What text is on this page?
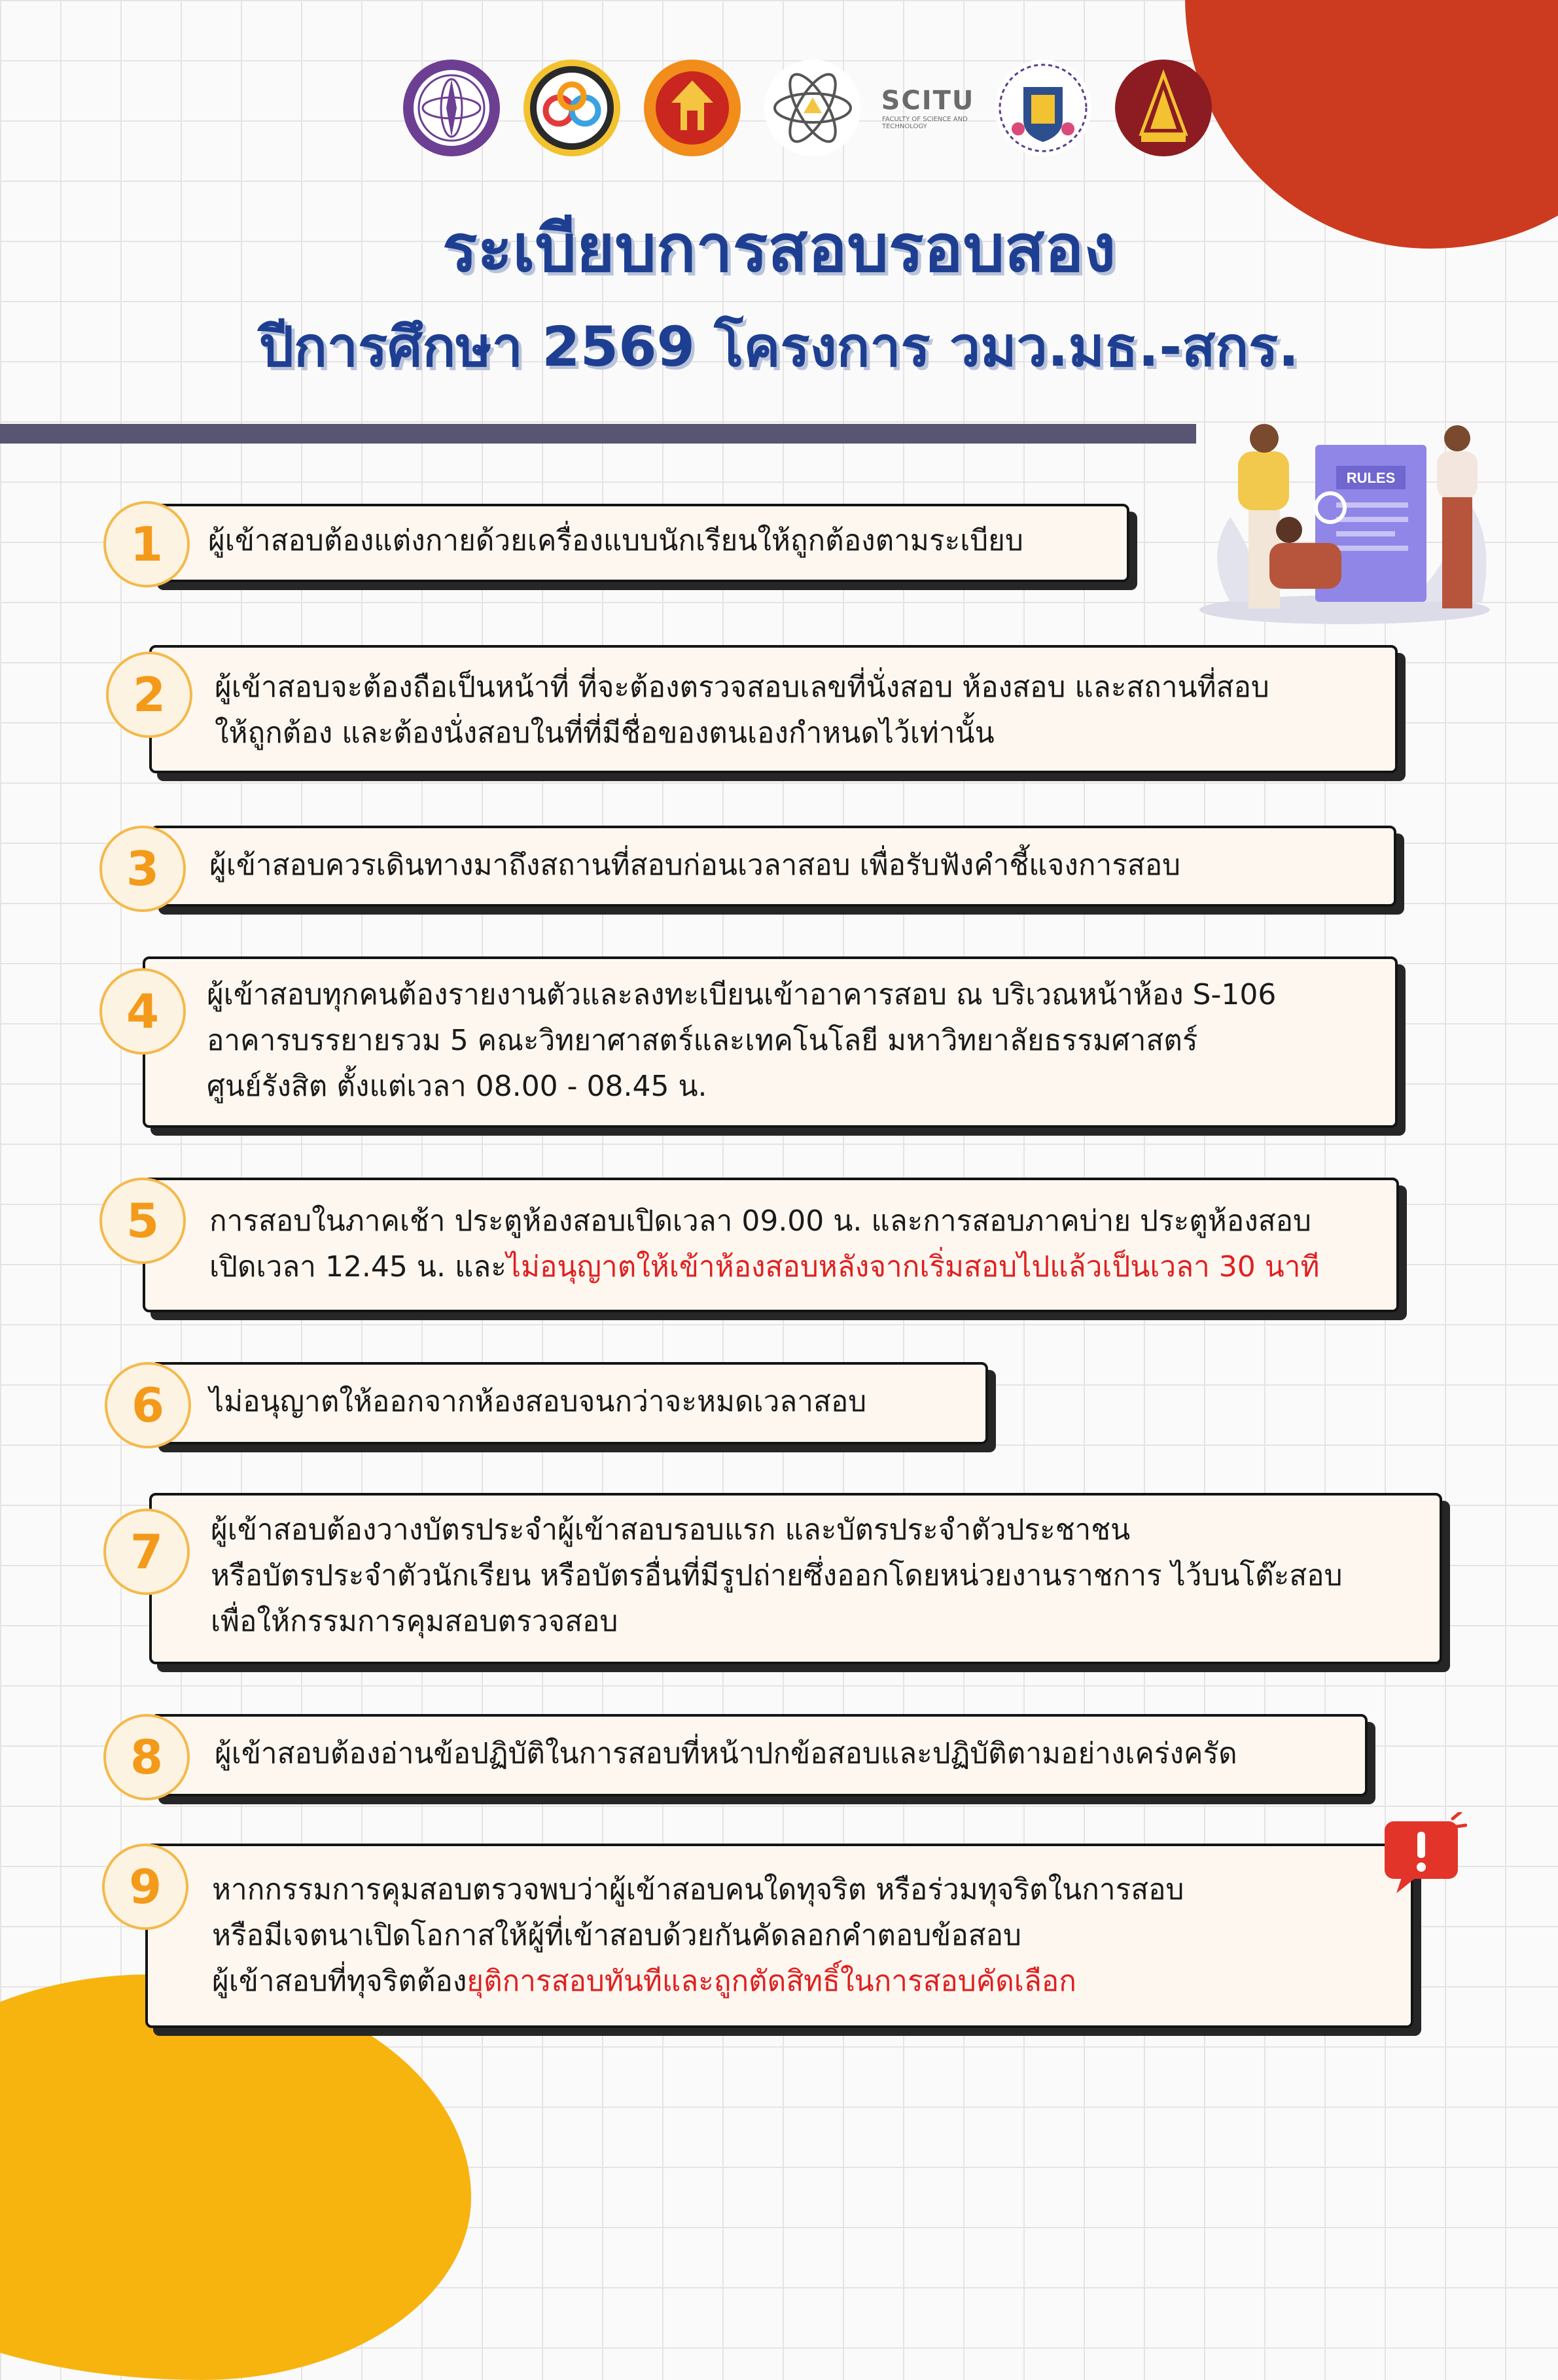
SCITU
FACULTY OF SCIENCE AND TECHNOLOGY
ระเบียบการสอบรอบสอง
ปีการศึกษา 2569 โครงการ วมว.มธ.-สกร.
RULES
1	ผู้เข้าสอบต้องแต่งกายด้วยเครื่องแบบนักเรียนให้ถูกต้องตามระเบียบ
2	ผู้เข้าสอบจะต้องถือเป็นหน้าที่ ที่จะต้องตรวจสอบเลขที่นั่งสอบ ห้องสอบ และสถานที่สอบ
ให้ถูกต้อง และต้องนั่งสอบในที่ที่มีชื่อของตนเองกำหนดไว้เท่านั้น
3	ผู้เข้าสอบควรเดินทางมาถึงสถานที่สอบก่อนเวลาสอบ เพื่อรับฟังคำชี้แจงการสอบ
4	ผู้เข้าสอบทุกคนต้องรายงานตัวและลงทะเบียนเข้าอาคารสอบ ณ บริเวณหน้าห้อง S-106
อาคารบรรยายรวม 5 คณะวิทยาศาสตร์และเทคโนโลยี มหาวิทยาลัยธรรมศาสตร์
ศูนย์รังสิต ตั้งแต่เวลา 08.00 - 08.45 น.
5	การสอบในภาคเช้า ประตูห้องสอบเปิดเวลา 09.00 น. และการสอบภาคบ่าย ประตูห้องสอบ
เปิดเวลา 12.45 น. และไม่อนุญาตให้เข้าห้องสอบหลังจากเริ่มสอบไปแล้วเป็นเวลา 30 นาที
6	ไม่อนุญาตให้ออกจากห้องสอบจนกว่าจะหมดเวลาสอบ
7	ผู้เข้าสอบต้องวางบัตรประจำผู้เข้าสอบรอบแรก และบัตรประจำตัวประชาชน
หรือบัตรประจำตัวนักเรียน หรือบัตรอื่นที่มีรูปถ่ายซึ่งออกโดยหน่วยงานราชการ ไว้บนโต๊ะสอบ
เพื่อให้กรรมการคุมสอบตรวจสอบ
8	ผู้เข้าสอบต้องอ่านข้อปฏิบัติในการสอบที่หน้าปกข้อสอบและปฏิบัติตามอย่างเคร่งครัด
9	หากกรรมการคุมสอบตรวจพบว่าผู้เข้าสอบคนใดทุจริต หรือร่วมทุจริตในการสอบ
หรือมีเจตนาเปิดโอกาสให้ผู้ที่เข้าสอบด้วยกันคัดลอกคำตอบข้อสอบ
ผู้เข้าสอบที่ทุจริตต้องยุติการสอบทันทีและถูกตัดสิทธิ์ในการสอบคัดเลือก
